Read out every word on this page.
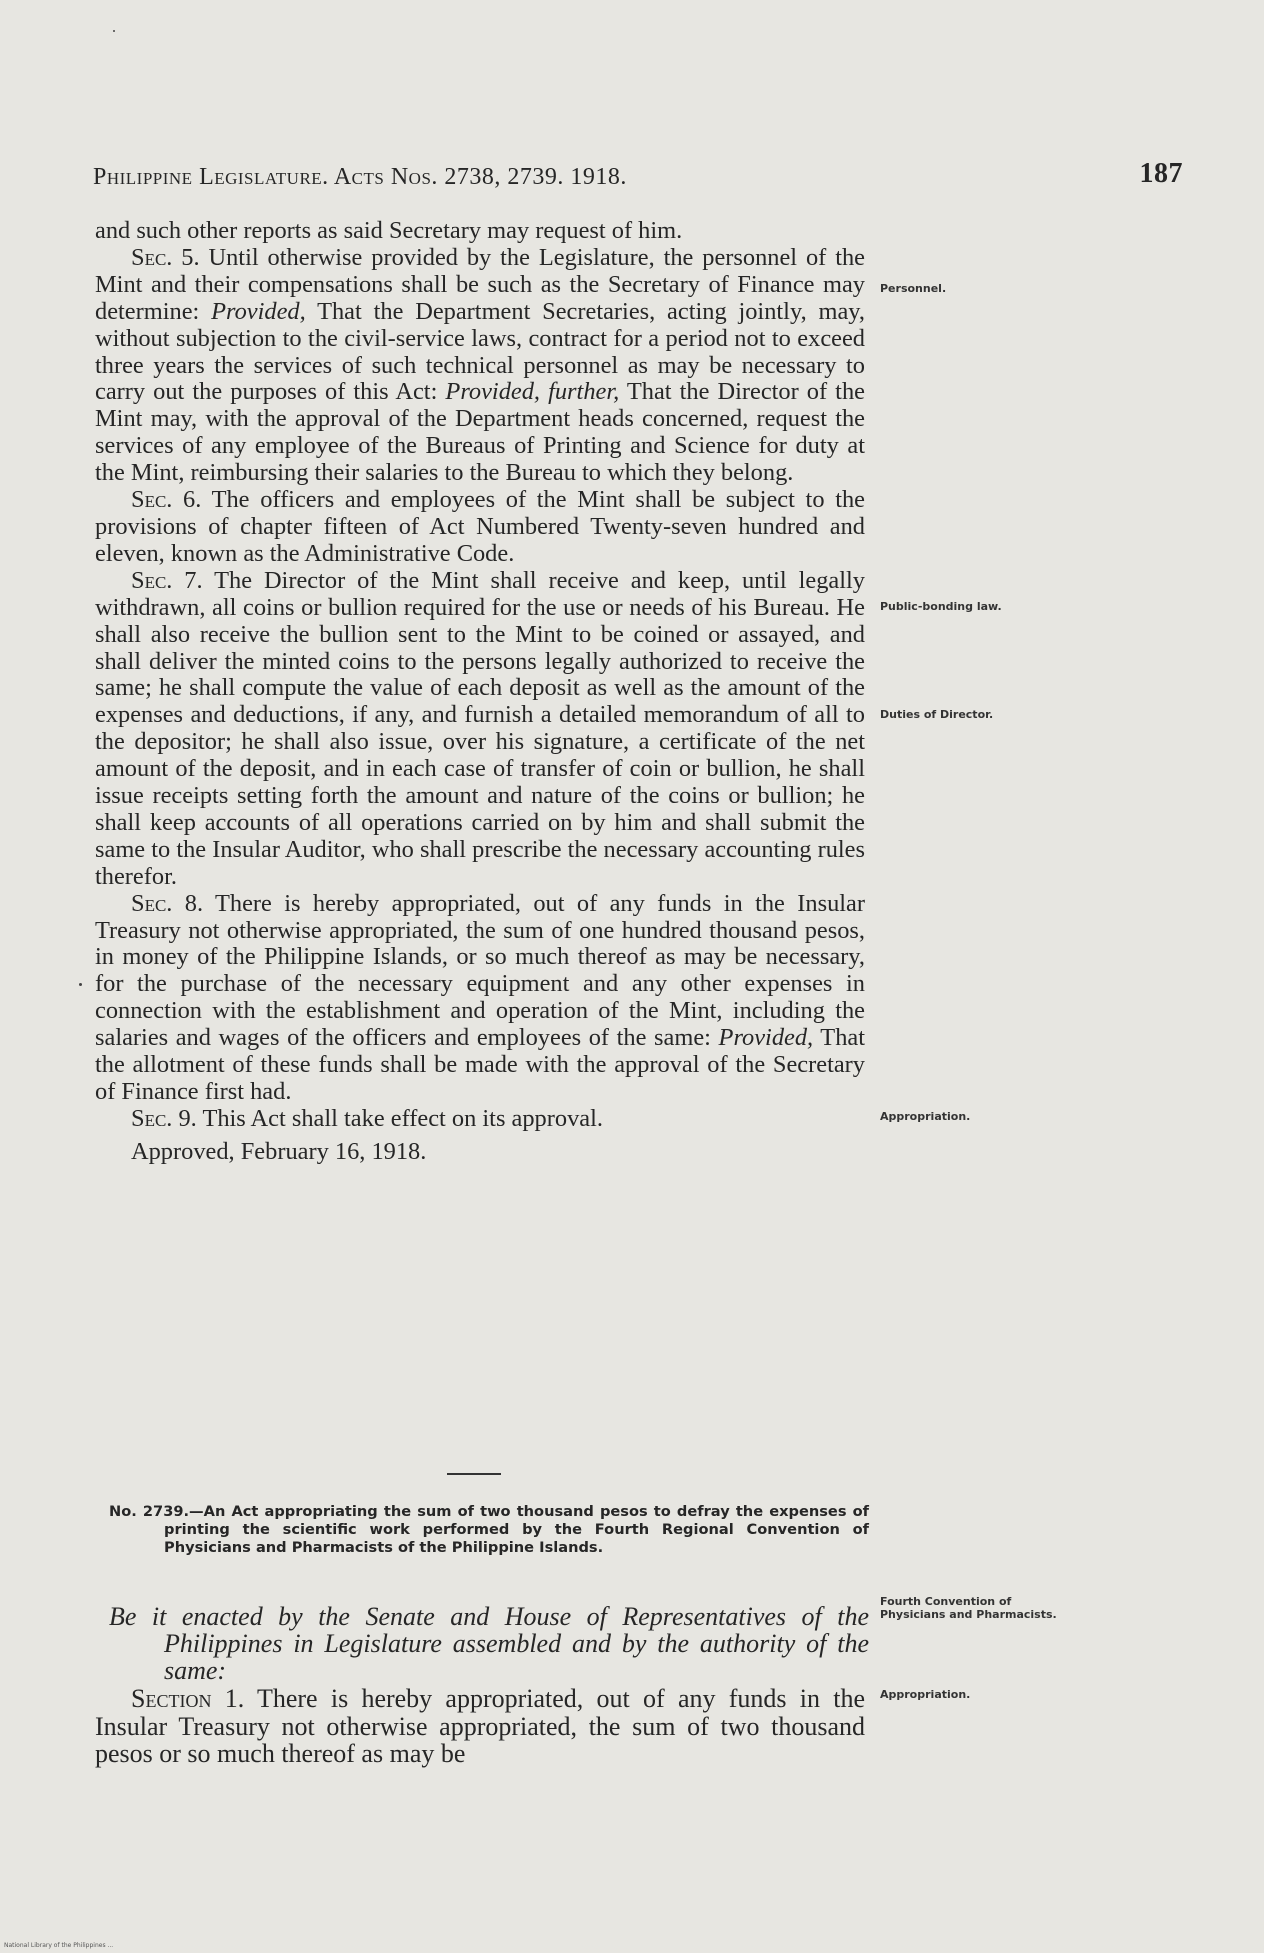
Philippine Legislature. Acts Nos. 2738, 2739. 1918.	187

and such other reports as said Secretary may request of him.

Sec. 5. Until otherwise provided by the Legislature, the personnel of the Mint and their compensations shall be such as the Secretary of Finance may determine: Provided, That the Department Secretaries, acting jointly, may, without subjection to the civil-service laws, contract for a period not to exceed three years the services of such technical personnel as may be necessary to carry out the purposes of this Act: Provided, further, That the Director of the Mint may, with the approval of the Department heads concerned, request the services of any employee of the Bureaus of Printing and Science for duty at the Mint, reimbursing their salaries to the Bureau to which they belong.

Sec. 6. The officers and employees of the Mint shall be subject to the provisions of chapter fifteen of Act Numbered Twenty-seven hundred and eleven, known as the Administrative Code.

Sec. 7. The Director of the Mint shall receive and keep, until legally withdrawn, all coins or bullion required for the use or needs of his Bureau. He shall also receive the bullion sent to the Mint to be coined or assayed, and shall deliver the minted coins to the persons legally authorized to receive the same; he shall compute the value of each deposit as well as the amount of the expenses and deductions, if any, and furnish a detailed memorandum of all to the depositor; he shall also issue, over his signature, a certificate of the net amount of the deposit, and in each case of transfer of coin or bullion, he shall issue receipts setting forth the amount and nature of the coins or bullion; he shall keep accounts of all operations carried on by him and shall submit the same to the Insular Auditor, who shall prescribe the necessary accounting rules therefor.

Sec. 8. There is hereby appropriated, out of any funds in the Insular Treasury not otherwise appropriated, the sum of one hundred thousand pesos, in money of the Philippine Islands, or so much thereof as may be necessary, for the purchase of the necessary equipment and any other expenses in connection with the establishment and operation of the Mint, including the salaries and wages of the officers and employees of the same: Provided, That the allotment of these funds shall be made with the approval of the Secretary of Finance first had.

Sec. 9. This Act shall take effect on its approval.

Approved, February 16, 1918.

No. 2739.—An Act appropriating the sum of two thousand pesos to defray the expenses of printing the scientific work performed by the Fourth Regional Convention of Physicians and Pharmacists of the Philippine Islands.

Be it enacted by the Senate and House of Representatives of the Philippines in Legislature assembled and by the authority of the same:

Section 1. There is hereby appropriated, out of any funds in the Insular Treasury not otherwise appropriated, the sum of two thousand pesos or so much thereof as may be

Personnel.
Public-bonding law.
Duties of Director.
Appropriation.
Fourth Convention of Physicians and Pharmacists.
Appropriation.
National Library of the Philippines ...
